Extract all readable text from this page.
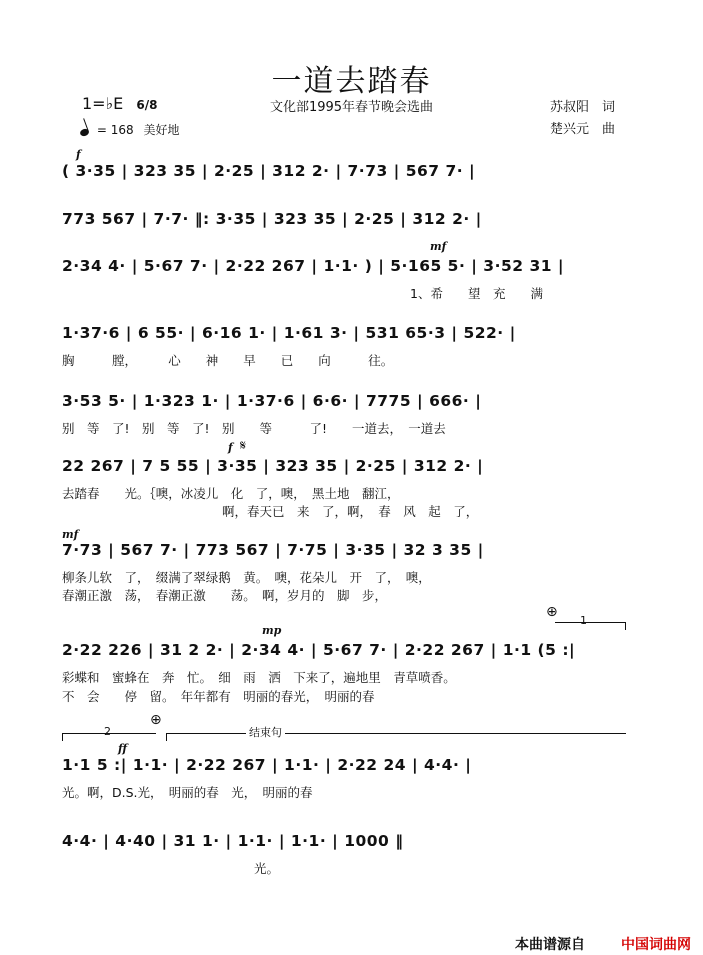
一道去踏春
文化部1995年春节晚会选曲	苏叔阳　词
楚兴元　曲
1=♭E 6/8
= 168 美好地
f
( 3·35 | 323 35 | 2·25 | 312 2· | 7·73 | 567 7· |
773 567 | 7·7· ‖: 3·35 | 323 35 | 2·25 | 312 2· |
mf
2·34 4· | 5·67 7· | 2·22 267 | 1·1· ) | 5·165 5· | 3·52 31 |
1、希　　望　充　　满
1·37·6 | 6 55· | 6·16 1· | 1·61 3· | 531 65·3 | 522· |
胸　　　膛，　　　心　　神　　早　　已　　向　　　往。
3·53 5· | 1·323 1· | 1·37·6 | 6·6· | 7775 | 666· |
别　等　了!　别　等　了!　别　　等　　　了!　　一道去，　一道去
f 𝄋
22 267 | 7 5 55 | 3·35 | 323 35 | 2·25 | 312 2· |
去踏春　　光。｛噢，冰凌儿　化　了，噢，　黑土地　翻江，
啊，春天已　来　了，啊，　春　风　起　了，
mf
7·73 | 567 7· | 773 567 | 7·75 | 3·35 | 32 3 35 |
柳条儿软　了，　缀满了翠绿鹅　黄。　噢，花朵儿　开　了，　噢，
春潮正激　荡，　春潮正激　　荡。　啊，岁月的　脚　步，
⊕
1
mp
2·22 226 | 31 2 2· | 2·34 4· | 5·67 7· | 2·22 267 | 1·1 (5 :|
彩蝶和　蜜蜂在　奔　忙。　细　雨　洒　下来了，遍地里　青草喷香。
不　会　　停　留。　年年都有　明丽的春光，　明丽的春
2
⊕
结束句
ff
1·1 5 :| 1·1· | 2·22 267 | 1·1· | 2·22 24 | 4·4· |
光。啊，D.S.光，　明丽的春　光，　明丽的春
4·4· | 4·40 | 31 1· | 1·1· | 1·1· | 1000 ‖
光。
本曲谱源自	中国词曲网
